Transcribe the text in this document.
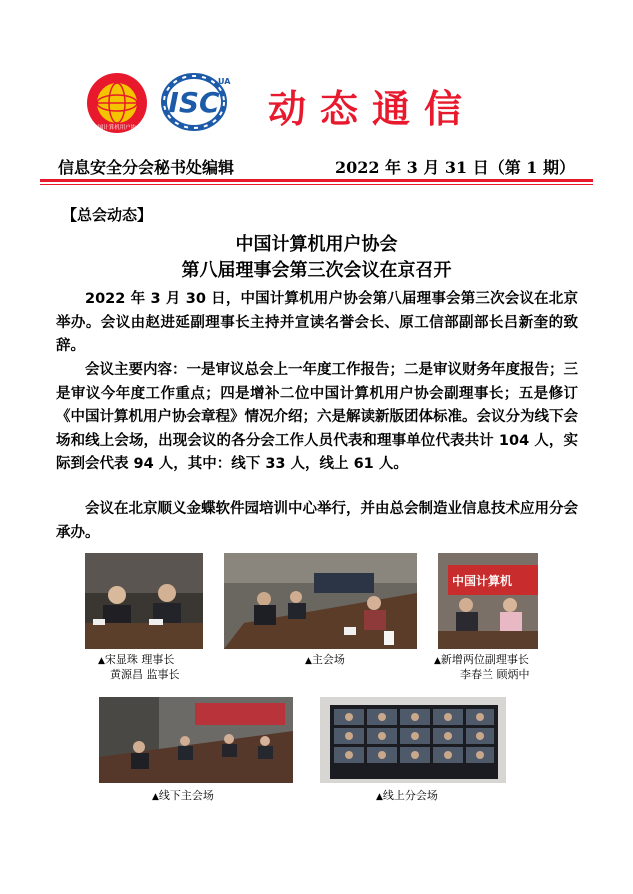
中国计算机用户协会
ISC
UA
动态通信
信息安全分会秘书处编辑	2022 年 3 月 31 日（第 1 期）
【总会动态】
中国计算机用户协会
第八届理事会第三次会议在京召开
2022 年 3 月 30 日，中国计算机用户协会第八届理事会第三次会议在北京举办。会议由赵进延副理事长主持并宣读名誉会长、原工信部副部长吕新奎的致辞。
会议主要内容：一是审议总会上一年度工作报告；二是审议财务年度报告；三是审议今年度工作重点；四是增补二位中国计算机用户协会副理事长；五是修订《中国计算机用户协会章程》情况介绍；六是解读新版团体标准。会议分为线下会场和线上会场，出现会议的各分会工作人员代表和理事单位代表共计 104 人，实际到会代表 94 人，其中：线下 33 人，线上 61 人。
会议在北京顺义金蝶软件园培训中心举行，并由总会制造业信息技术应用分会承办。
中国计算机
▲宋显珠 理事长
黄源昌 监事长
▲主会场	▲新增两位副理事长
李春兰 顾炳中
▲线下主会场	▲线上分会场
